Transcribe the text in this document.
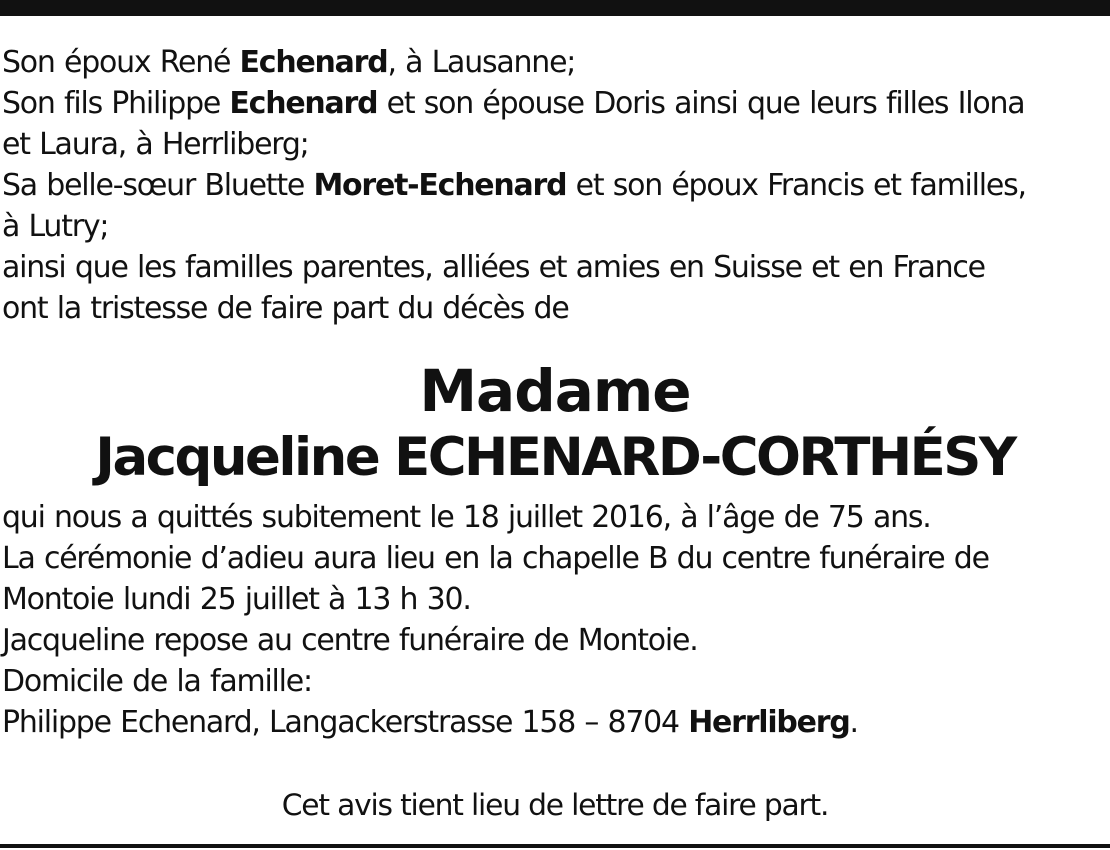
Son époux René Echenard, à Lausanne;
Son fils Philippe Echenard et son épouse Doris ainsi que leurs filles Ilona
et Laura, à Herrliberg;
Sa belle-sœur Bluette Moret-Echenard et son époux Francis et familles,
à Lutry;
ainsi que les familles parentes, alliées et amies en Suisse et en France
ont la tristesse de faire part du décès de
Madame
Jacqueline ECHENARD-CORTHÉSY
qui nous a quittés subitement le 18 juillet 2016, à l’âge de 75 ans.
La cérémonie d’adieu aura lieu en la chapelle B du centre funéraire de
Montoie lundi 25 juillet à 13 h 30.
Jacqueline repose au centre funéraire de Montoie.
Domicile de la famille:
Philippe Echenard, Langackerstrasse 158 – 8704 Herrliberg.
Cet avis tient lieu de lettre de faire part.
